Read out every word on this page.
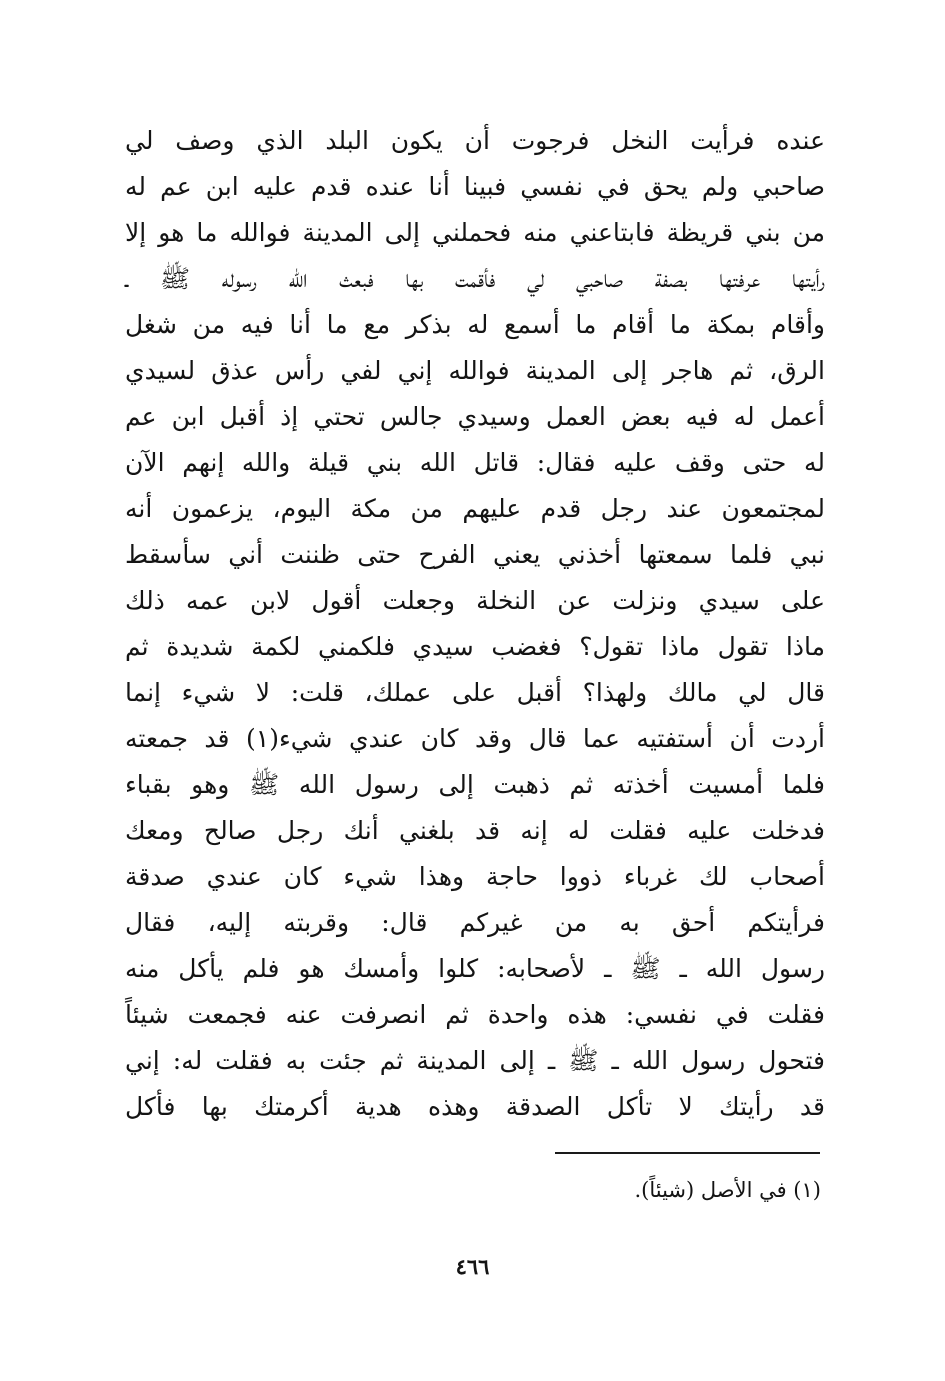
عنده فرأيت النخل فرجوت أن يكون البلد الذي وصف لي
صاحبي ولم يحق في نفسي فبينا أنا عنده قدم عليه ابن عم له
من بني قريظة فابتاعني منه فحملني إلى المدينة فوالله ما هو إلا
رأيتها عرفتها بصفة صاحبي لي فأقمت بها فبعث الله رسوله ﷺ ـ
وأقام بمكة ما أقام ما أسمع له بذكر مع ما أنا فيه من شغل
الرق، ثم هاجر إلى المدينة فوالله إني لفي رأس عذق لسيدي
أعمل له فيه بعض العمل وسيدي جالس تحتي إذ أقبل ابن عم
له حتى وقف عليه فقال: قاتل الله بني قيلة والله إنهم الآن
لمجتمعون عند رجل قدم عليهم من مكة اليوم، يزعمون أنه
نبي فلما سمعتها أخذني يعني الفرح حتى ظننت أني سأسقط
على سيدي ونزلت عن النخلة وجعلت أقول لابن عمه ذلك
ماذا تقول ماذا تقول؟ فغضب سيدي فلكمني لكمة شديدة ثم
قال لي مالك ولهذا؟ أقبل على عملك، قلت: لا شيء إنما
أردت أن أستفتيه عما قال وقد كان عندي شيء(١) قد جمعته
فلما أمسيت أخذته ثم ذهبت إلى رسول الله ﷺ وهو بقباء
فدخلت عليه فقلت له إنه قد بلغني أنك رجل صالح ومعك
أصحاب لك غرباء ذووا حاجة وهذا شيء كان عندي صدقة
فرأيتكم أحق به من غيركم قال: وقربته إليه، فقال
رسول الله ـ ﷺ ـ لأصحابه: كلوا وأمسك هو فلم يأكل منه
فقلت في نفسي: هذه واحدة ثم انصرفت عنه فجمعت شيئاً
فتحول رسول الله ـ ﷺ ـ إلى المدينة ثم جئت به فقلت له: إني
قد رأيتك لا تأكل الصدقة وهذه هدية أكرمتك بها فأكل
(١) في الأصل (شيئاً).
٤٦٦
